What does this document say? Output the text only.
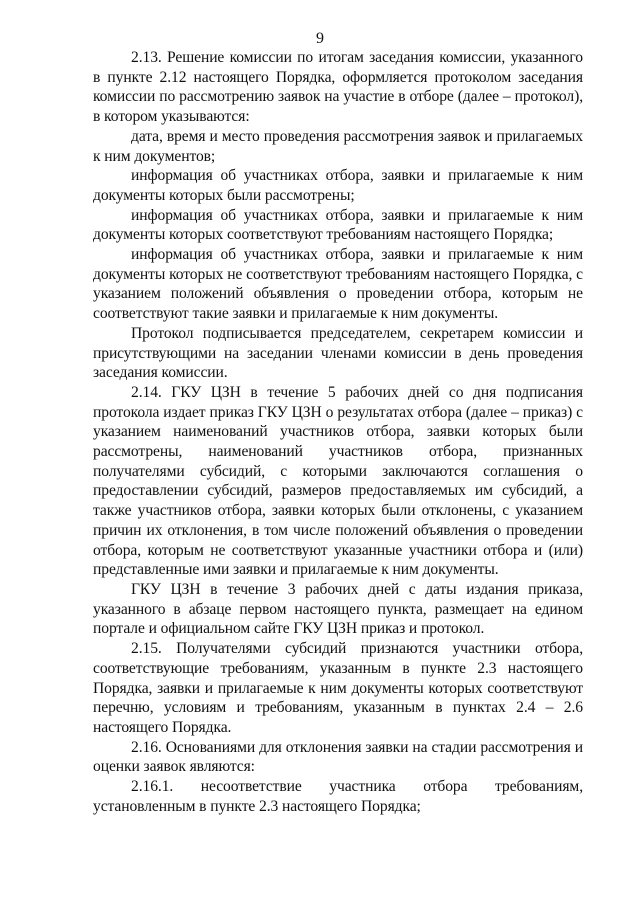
9

2.13. Решение комиссии по итогам заседания комиссии, указанного в пункте 2.12 настоящего Порядка, оформляется протоколом заседания комиссии по рассмотрению заявок на участие в отборе (далее – протокол), в котором указываются:

дата, время и место проведения рассмотрения заявок и прилагаемых к ним документов;

информация об участниках отбора, заявки и прилагаемые к ним документы которых были рассмотрены;

информация об участниках отбора, заявки и прилагаемые к ним документы которых соответствуют требованиям настоящего Порядка;

информация об участниках отбора, заявки и прилагаемые к ним документы которых не соответствуют требованиям настоящего Порядка, с указанием положений объявления о проведении отбора, которым не соответствуют такие заявки и прилагаемые к ним документы.

Протокол подписывается председателем, секретарем комиссии и присутствующими на заседании членами комиссии в день проведения заседания комиссии.

2.14. ГКУ ЦЗН в течение 5 рабочих дней со дня подписания протокола издает приказ ГКУ ЦЗН о результатах отбора (далее – приказ) с указанием наименований участников отбора, заявки которых были рассмотрены, наименований участников отбора, признанных получателями субсидий, с которыми заключаются соглашения о предоставлении субсидий, размеров предоставляемых им субсидий, а также участников отбора, заявки которых были отклонены, с указанием причин их отклонения, в том числе положений объявления о проведении отбора, которым не соответствуют указанные участники отбора и (или) представленные ими заявки и прилагаемые к ним документы.

ГКУ ЦЗН в течение 3 рабочих дней с даты издания приказа, указанного в абзаце первом настоящего пункта, размещает на едином портале и официальном сайте ГКУ ЦЗН приказ и протокол.

2.15. Получателями субсидий признаются участники отбора, соответствующие требованиям, указанным в пункте 2.3 настоящего Порядка, заявки и прилагаемые к ним документы которых соответствуют перечню, условиям и требованиям, указанным в пунктах 2.4 – 2.6 настоящего Порядка.

2.16. Основаниями для отклонения заявки на стадии рассмотрения и оценки заявок являются:

2.16.1. несоответствие участника отбора требованиям, установленным в пункте 2.3 настоящего Порядка;
